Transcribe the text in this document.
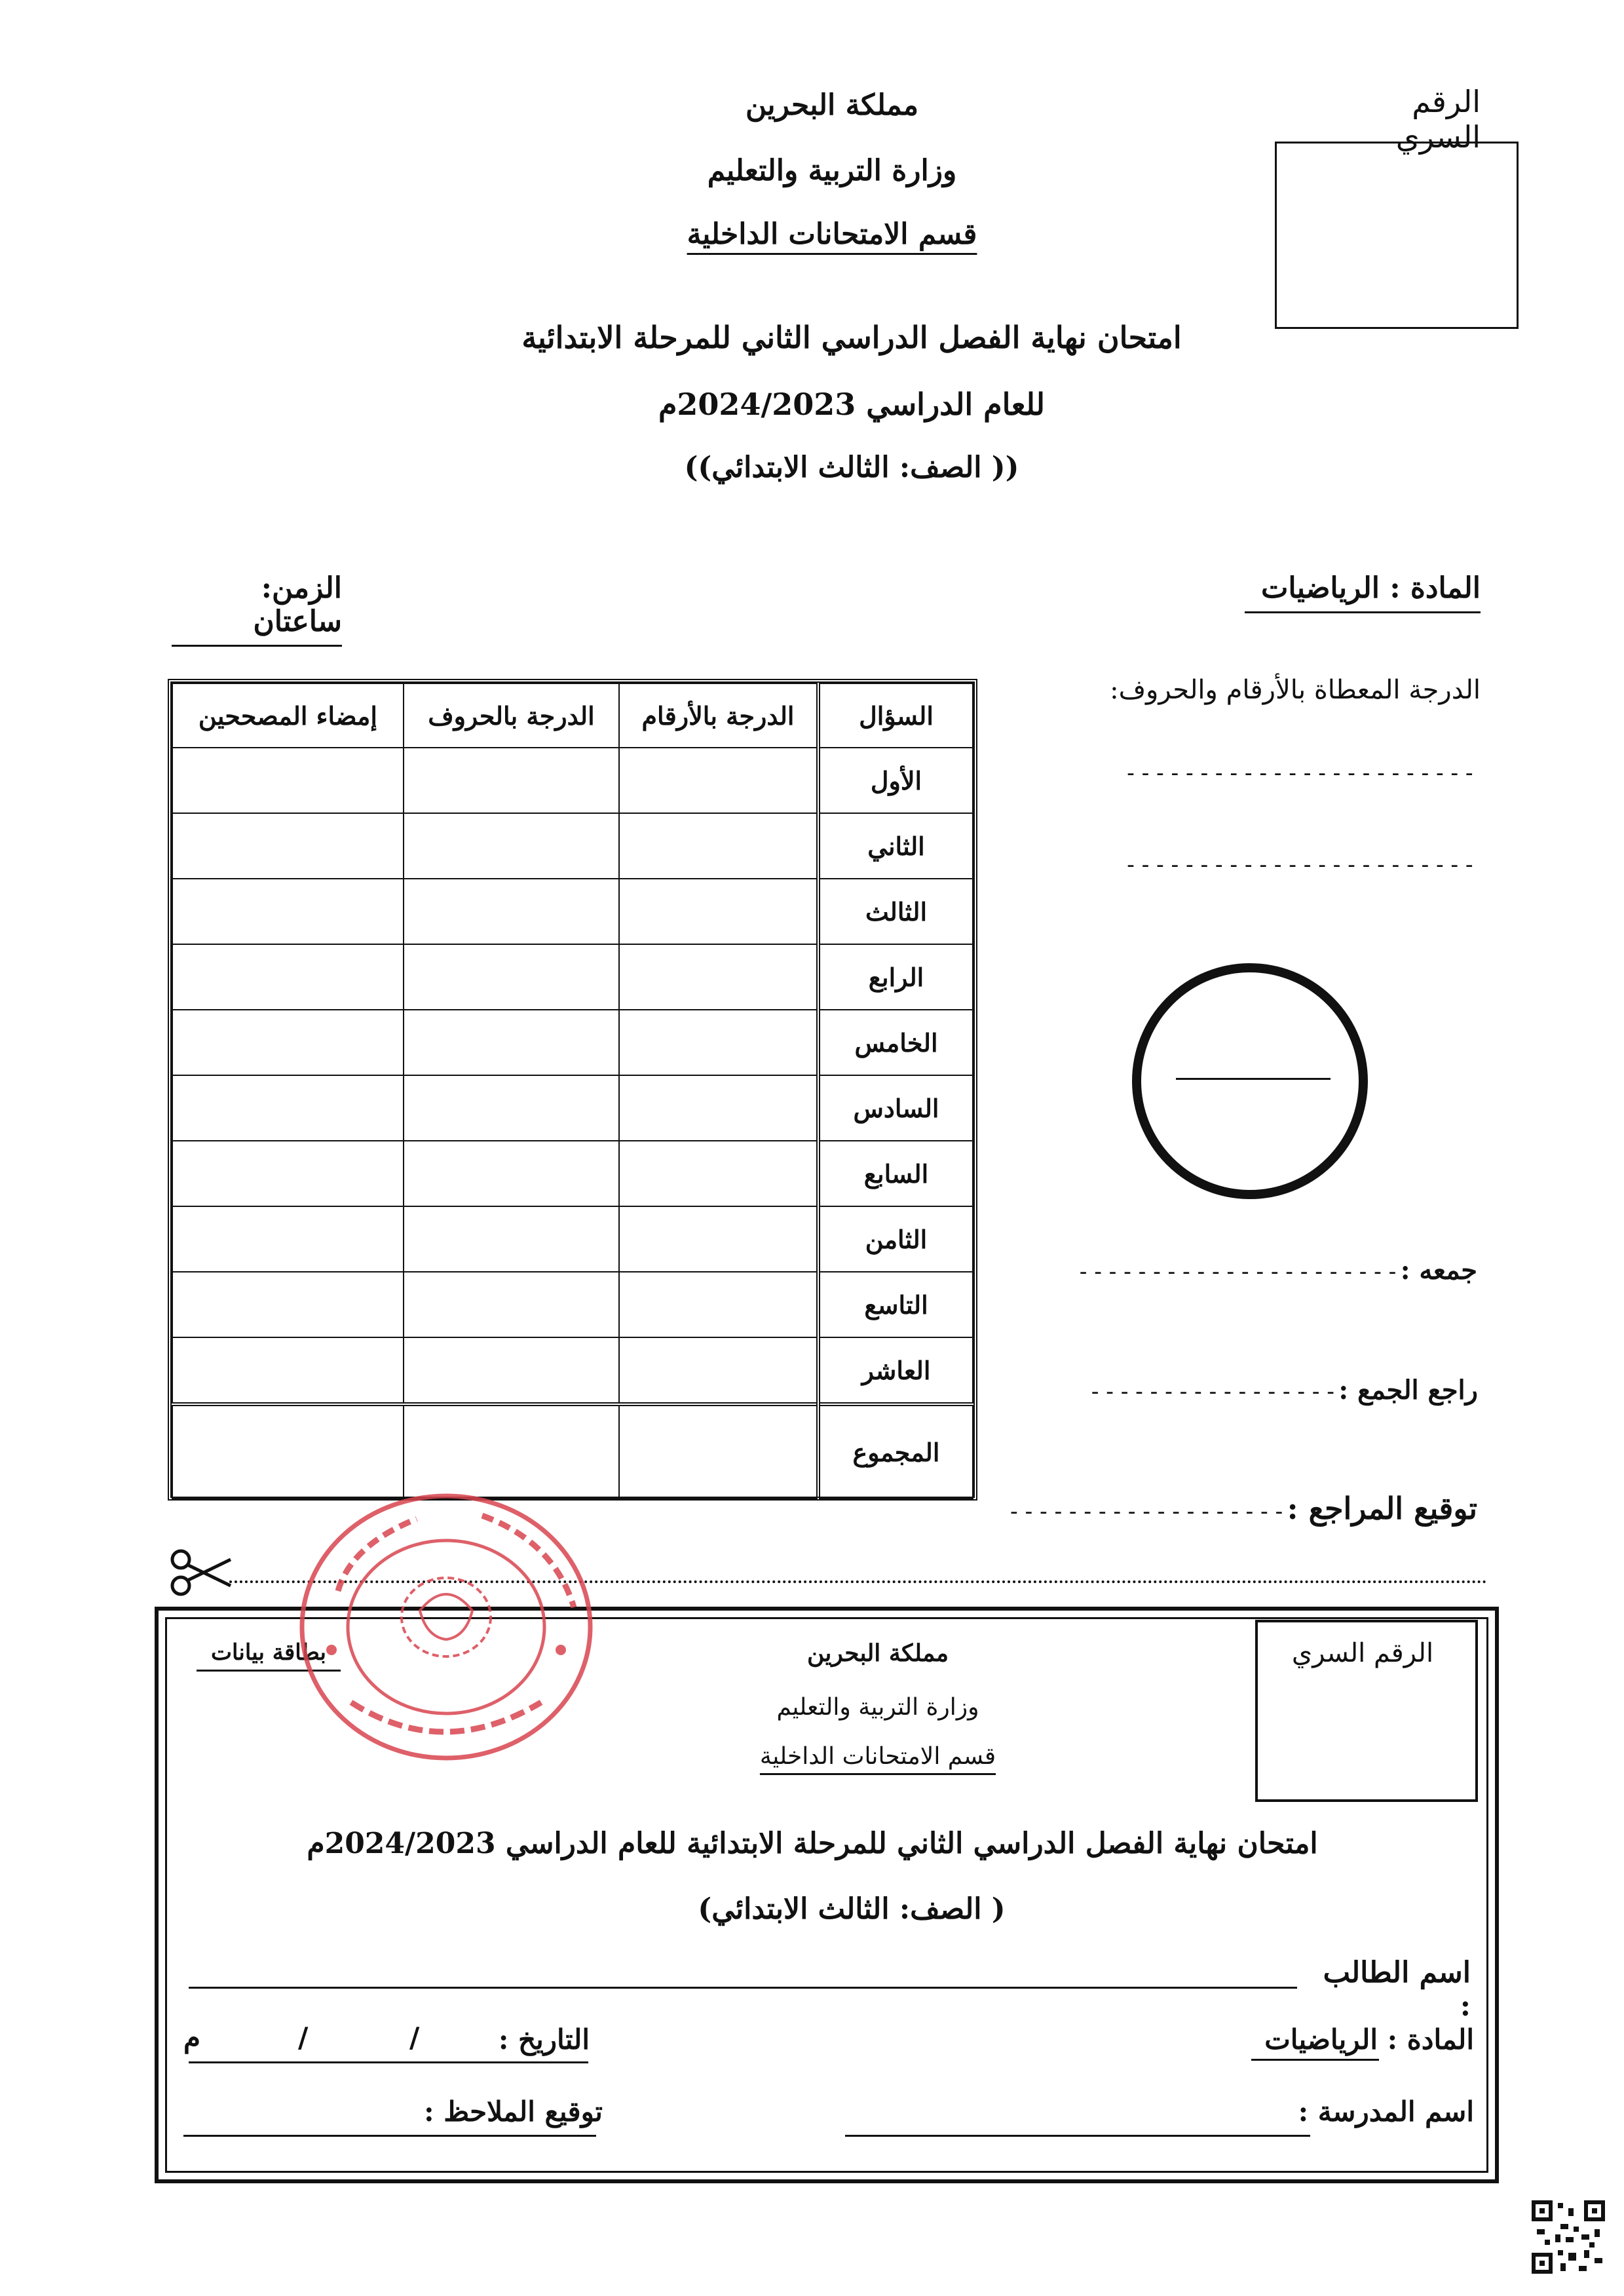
الرقم السري
مملكة البحرين
وزارة التربية والتعليم
قسم الامتحانات الداخلية
امتحان نهاية الفصل الدراسي الثاني للمرحلة الابتدائية
للعام الدراسي 2024/2023م
(( الصف: الثالث الابتدائي))
المادة : الرياضيات
الزمن: ساعتان
السؤال	الدرجة بالأرقام	الدرجة بالحروف	إمضاء المصححين
الأول			
الثاني			
الثالث			
الرابع			
الخامس			
السادس			
السابع			
الثامن			
التاسع			
العاشر			
المجموع			
الدرجة المعطاة بالأرقام والحروف:
------------------------
------------------------
جمعه :----------------------
راجع الجمع :-----------------
توقيع المراجع :-------------------
الرقم السري
مملكة البحرين
وزارة التربية والتعليم
قسم الامتحانات الداخلية
بطاقة بيانات
امتحان نهاية الفصل الدراسي الثاني للمرحلة الابتدائية للعام الدراسي 2024/2023م
( الصف: الثالث الابتدائي)
اسم الطالب :
المادة : الرياضيات
التاريخ :
/
/
م
اسم المدرسة :
توقيع الملاحظ :
